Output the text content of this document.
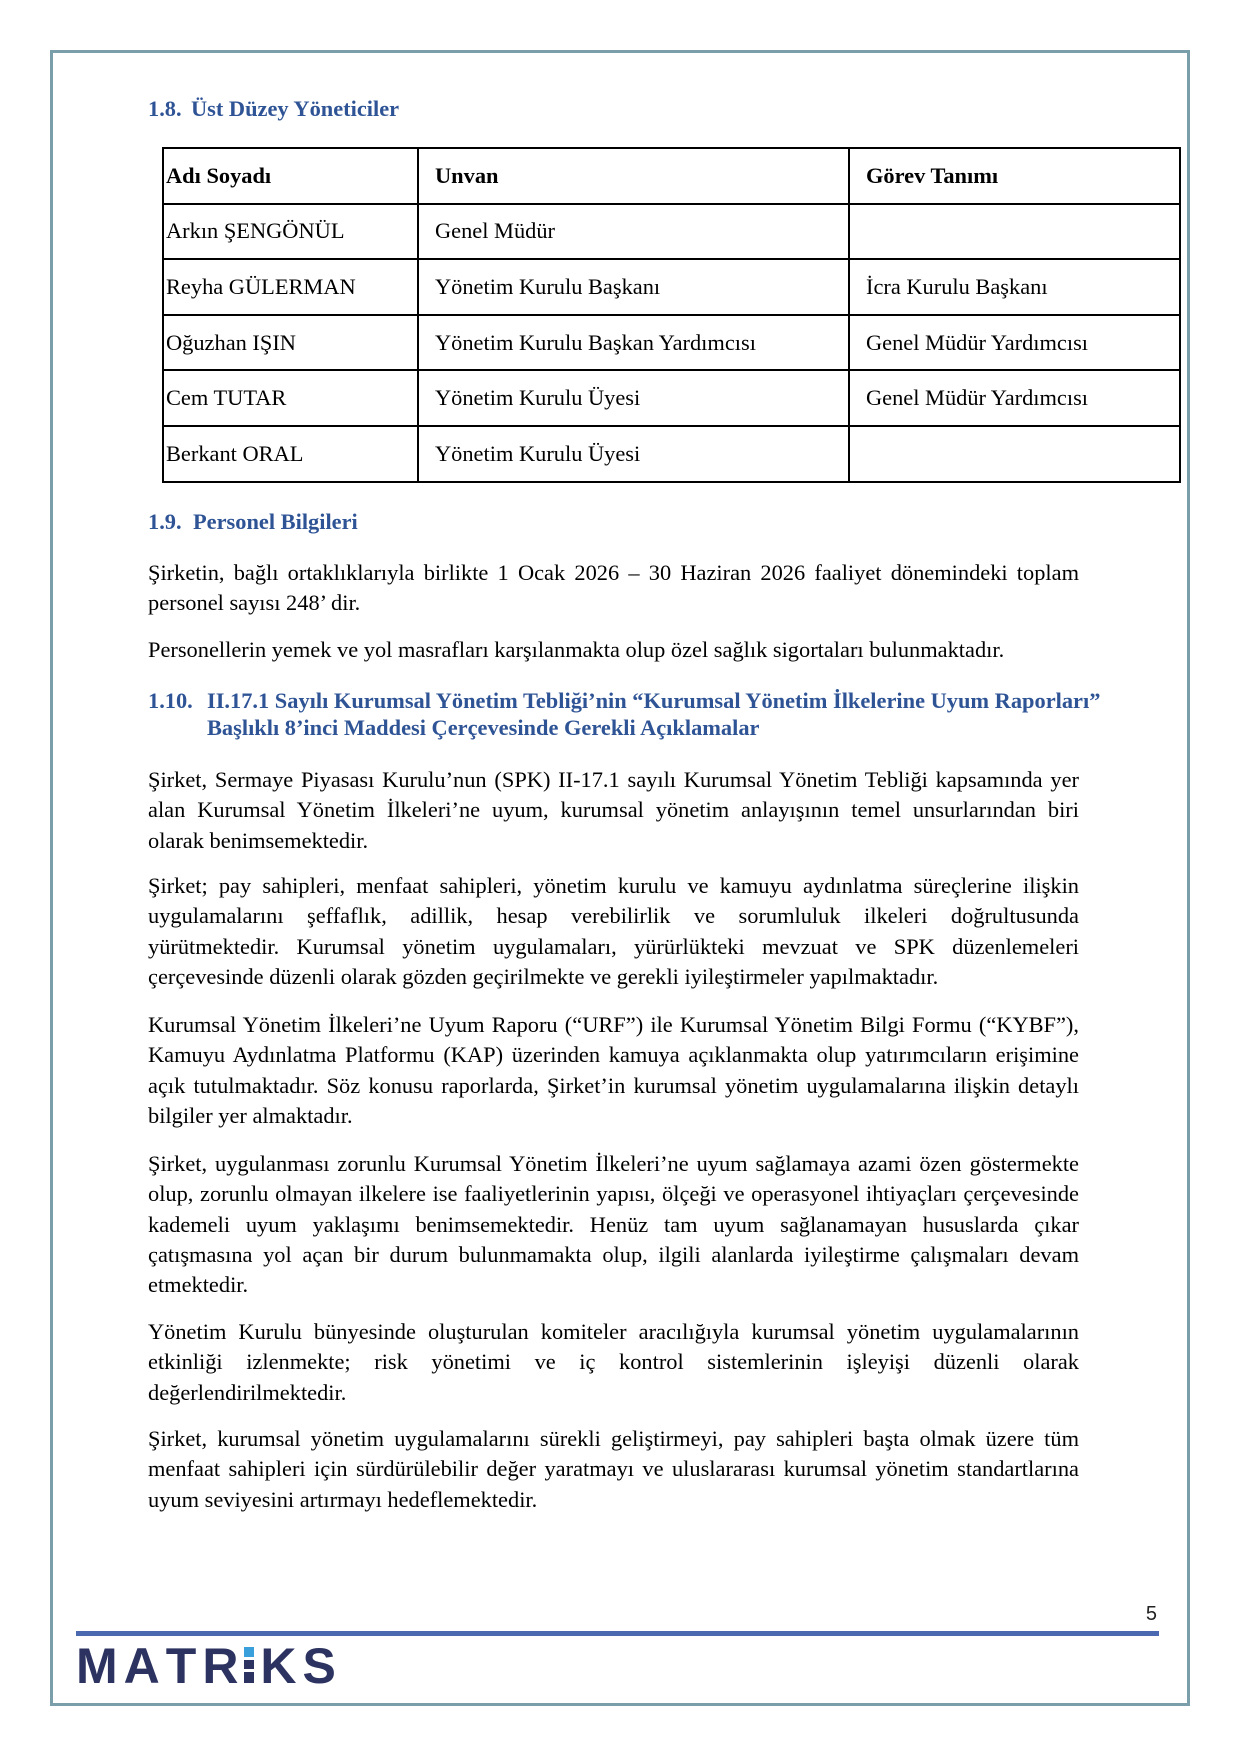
1.8. Üst Düzey Yöneticiler
Adı Soyadı	Unvan	Görev Tanımı
Arkın ŞENGÖNÜL	Genel Müdür	
Reyha GÜLERMAN	Yönetim Kurulu Başkanı	İcra Kurulu Başkanı
Oğuzhan IŞIN	Yönetim Kurulu Başkan Yardımcısı	Genel Müdür Yardımcısı
Cem TUTAR	Yönetim Kurulu Üyesi	Genel Müdür Yardımcısı
Berkant ORAL	Yönetim Kurulu Üyesi	
1.9. Personel Bilgileri
Şirketin, bağlı ortaklıklarıyla birlikte 1 Ocak 2026 – 30 Haziran 2026 faaliyet dönemindeki toplam
personel sayısı 248’ dir.
Personellerin yemek ve yol masrafları karşılanmakta olup özel sağlık sigortaları bulunmaktadır.
1.10. II.17.1 Sayılı Kurumsal Yönetim Tebliği’nin “Kurumsal Yönetim İlkelerine Uyum Raporları”
Başlıklı 8’inci Maddesi Çerçevesinde Gerekli Açıklamalar
Şirket, Sermaye Piyasası Kurulu’nun (SPK) II-17.1 sayılı Kurumsal Yönetim Tebliği kapsamında yer
alan Kurumsal Yönetim İlkeleri’ne uyum, kurumsal yönetim anlayışının temel unsurlarından biri
olarak benimsemektedir.
Şirket; pay sahipleri, menfaat sahipleri, yönetim kurulu ve kamuyu aydınlatma süreçlerine ilişkin
uygulamalarını şeffaflık, adillik, hesap verebilirlik ve sorumluluk ilkeleri doğrultusunda
yürütmektedir. Kurumsal yönetim uygulamaları, yürürlükteki mevzuat ve SPK düzenlemeleri
çerçevesinde düzenli olarak gözden geçirilmekte ve gerekli iyileştirmeler yapılmaktadır.
Kurumsal Yönetim İlkeleri’ne Uyum Raporu (“URF”) ile Kurumsal Yönetim Bilgi Formu (“KYBF”),
Kamuyu Aydınlatma Platformu (KAP) üzerinden kamuya açıklanmakta olup yatırımcıların erişimine
açık tutulmaktadır. Söz konusu raporlarda, Şirket’in kurumsal yönetim uygulamalarına ilişkin detaylı
bilgiler yer almaktadır.
Şirket, uygulanması zorunlu Kurumsal Yönetim İlkeleri’ne uyum sağlamaya azami özen göstermekte
olup, zorunlu olmayan ilkelere ise faaliyetlerinin yapısı, ölçeği ve operasyonel ihtiyaçları çerçevesinde
kademeli uyum yaklaşımı benimsemektedir. Henüz tam uyum sağlanamayan hususlarda çıkar
çatışmasına yol açan bir durum bulunmamakta olup, ilgili alanlarda iyileştirme çalışmaları devam
etmektedir.
Yönetim Kurulu bünyesinde oluşturulan komiteler aracılığıyla kurumsal yönetim uygulamalarının
etkinliği izlenmekte; risk yönetimi ve iç kontrol sistemlerinin işleyişi düzenli olarak
değerlendirilmektedir.
Şirket, kurumsal yönetim uygulamalarını sürekli geliştirmeyi, pay sahipleri başta olmak üzere tüm
menfaat sahipleri için sürdürülebilir değer yaratmayı ve uluslararası kurumsal yönetim standartlarına
uyum seviyesini artırmayı hedeflemektedir.
5
M A T R K S
